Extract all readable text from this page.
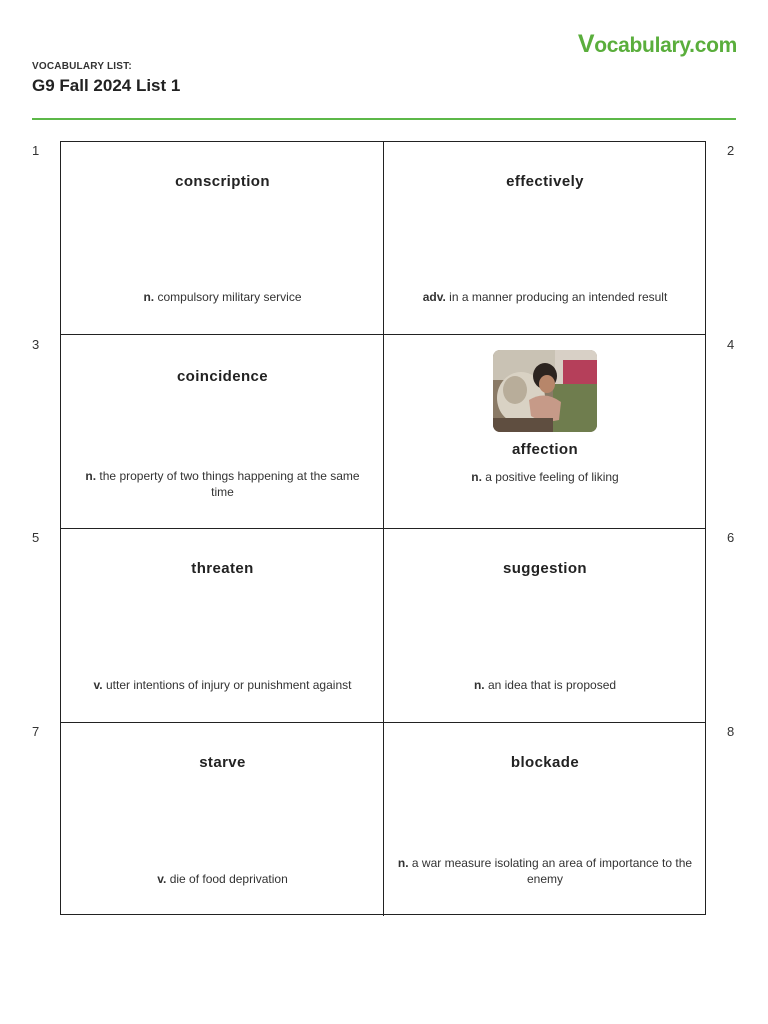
VOCABULARY LIST:
G9 Fall 2024 List 1
Vocabulary.com
1	2
3	4
5	6
7	8
conscription
n. compulsory military service
effectively
adv. in a manner producing an intended result
coincidence
n. the property of two things happening at the same time
affection
n. a positive feeling of liking
threaten
v. utter intentions of injury or punishment against
suggestion
n. an idea that is proposed
starve
v. die of food deprivation
blockade
n. a war measure isolating an area of importance to the enemy
